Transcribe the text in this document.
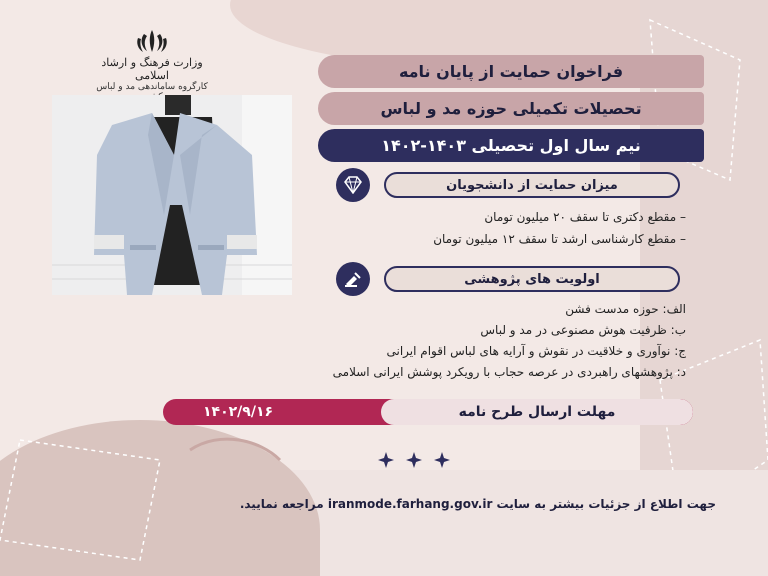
وزارت فرهنگ و ارشاد اسلامی
کارگروه ساماندهی مد و لباس
فراخوان حمایت از پایان نامه
تحصیلات تکمیلی حوزه مد و لباس
نیم سال اول تحصیلی ۱۴۰۳-۱۴۰۲
میزان حمایت از دانشجویان
– مقطع دکتری تا سقف ۲۰ میلیون تومان
– مقطع کارشناسی ارشد تا سقف ۱۲ میلیون تومان
اولویت های پژوهشی
الف: حوزه مدست فشن
ب: ظرفیت هوش مصنوعی در مد و لباس
ج: نوآوری و خلاقیت در نقوش و آرایه های لباس اقوام ایرانی
د: پژوهشهای راهبردی در عرصه حجاب با رویکرد پوشش ایرانی اسلامی
۱۴۰۲/۹/۱۶	مهلت ارسال طرح نامه
جهت اطلاع از جزئیات بیشتر به سایت iranmode.farhang.gov.ir مراجعه نمایید.
